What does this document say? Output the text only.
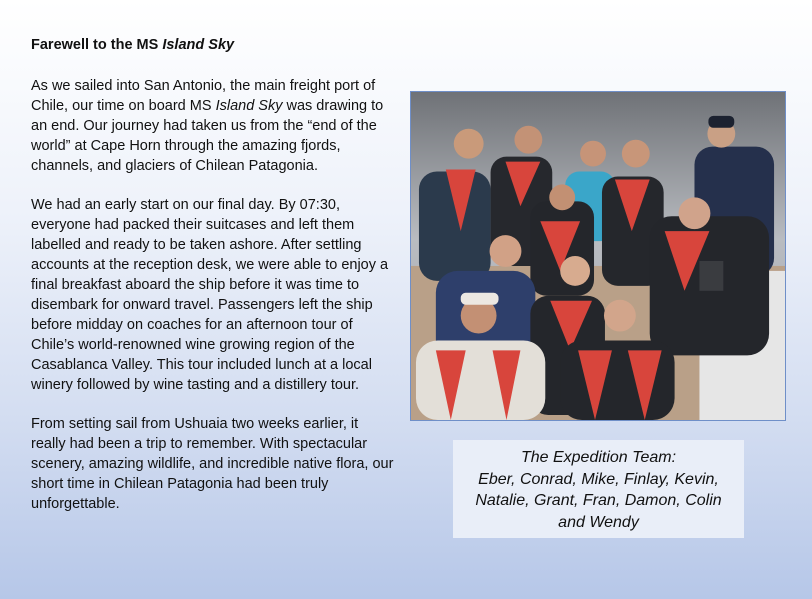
Farewell to the MS Island Sky

As we sailed into San Antonio, the main freight port of Chile, our time on board MS Island Sky was drawing to an end. Our journey had taken us from the “end of the world” at Cape Horn through the amazing fjords, channels, and glaciers of Chilean Patagonia.

We had an early start on our final day. By 07:30, everyone had packed their suitcases and left them labelled and ready to be taken ashore. After settling accounts at the reception desk, we were able to enjoy a final breakfast aboard the ship before it was time to disembark for onward travel. Passengers left the ship before midday on coaches for an afternoon tour of Chile’s world-renowned wine growing region of the Casablanca Valley. This tour included lunch at a local winery followed by wine tasting and a distillery tour.

From setting sail from Ushuaia two weeks earlier, it really had been a trip to remember. With spectacular scenery, amazing wildlife, and incredible native flora, our short time in Chilean Patagonia had been truly unforgettable.

The Expedition Team:
Eber, Conrad, Mike, Finlay, Kevin,
Natalie, Grant, Fran, Damon, Colin
and Wendy
